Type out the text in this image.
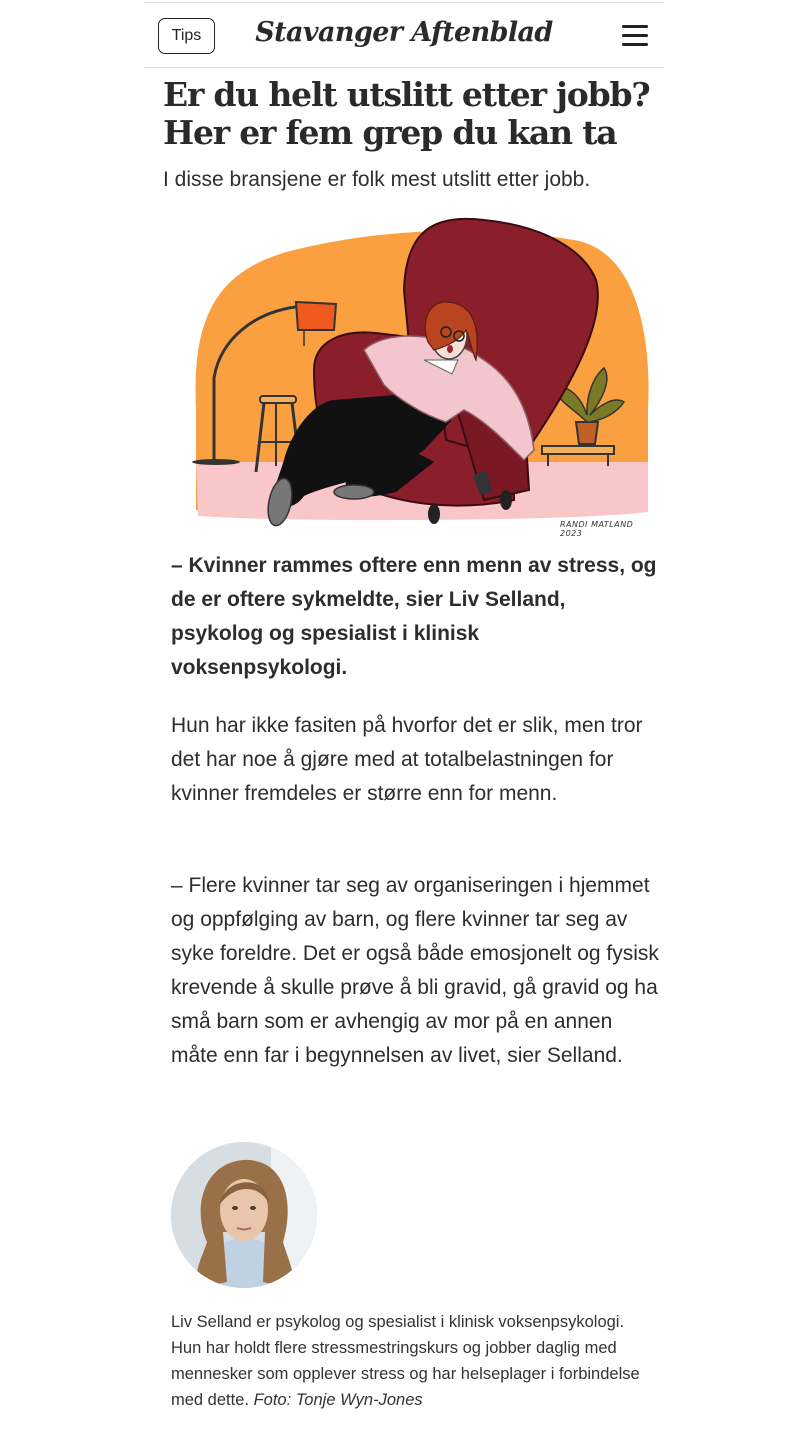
Tips	Stavanger Aftenblad
Er du helt utslitt etter jobb? Her er fem grep du kan ta

I disse bransjene er folk mest utslitt etter jobb.

RANDI MATLAND 2023

– Kvinner rammes oftere enn menn av stress, og de er oftere sykmeldte, sier Liv Selland, psykolog og spesialist i klinisk voksenpsykologi.

Hun har ikke fasiten på hvorfor det er slik, men tror det har noe å gjøre med at totalbelastningen for kvinner fremdeles er større enn for menn.

– Flere kvinner tar seg av organiseringen i hjemmet og oppfølging av barn, og flere kvinner tar seg av syke foreldre. Det er også både emosjonelt og fysisk krevende å skulle prøve å bli gravid, gå gravid og ha små barn som er avhengig av mor på en annen måte enn far i begynnelsen av livet, sier Selland.

Liv Selland er psykolog og spesialist i klinisk voksenpsykologi. Hun har holdt flere stressmestringskurs og jobber daglig med mennesker som opplever stress og har helseplager i forbindelse med dette. Foto: Tonje Wyn-Jones
